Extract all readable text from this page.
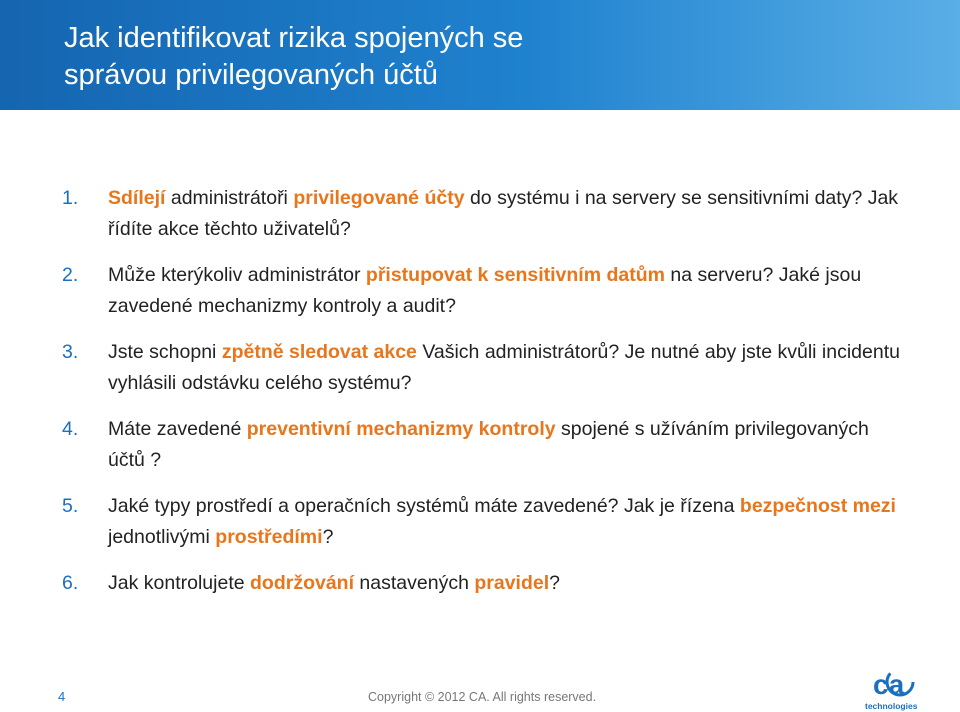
Jak identifikovat rizika spojených se
správou privilegovaných účtů
1. Sdílejí administrátoři privilegované účty do systému i na servery se sensitivními daty? Jak řídíte akce těchto uživatelů?
2. Může kterýkoliv administrátor přistupovat k sensitivním datům na serveru? Jaké jsou zavedené mechanizmy kontroly a audit?
3. Jste schopni zpětně sledovat akce Vašich administrátorů? Je nutné aby jste kvůli incidentu vyhlásili odstávku celého systému?
4. Máte zavedené preventivní mechanizmy kontroly spojené s užíváním privilegovaných účtů ?
5. Jaké typy prostředí a operačních systémů máte zavedené? Jak je řízena bezpečnost mezi jednotlivými prostředími?
6. Jak kontrolujete dodržování nastavených pravidel?
4	Copyright © 2012 CA. All rights reserved.	ca
technologies
